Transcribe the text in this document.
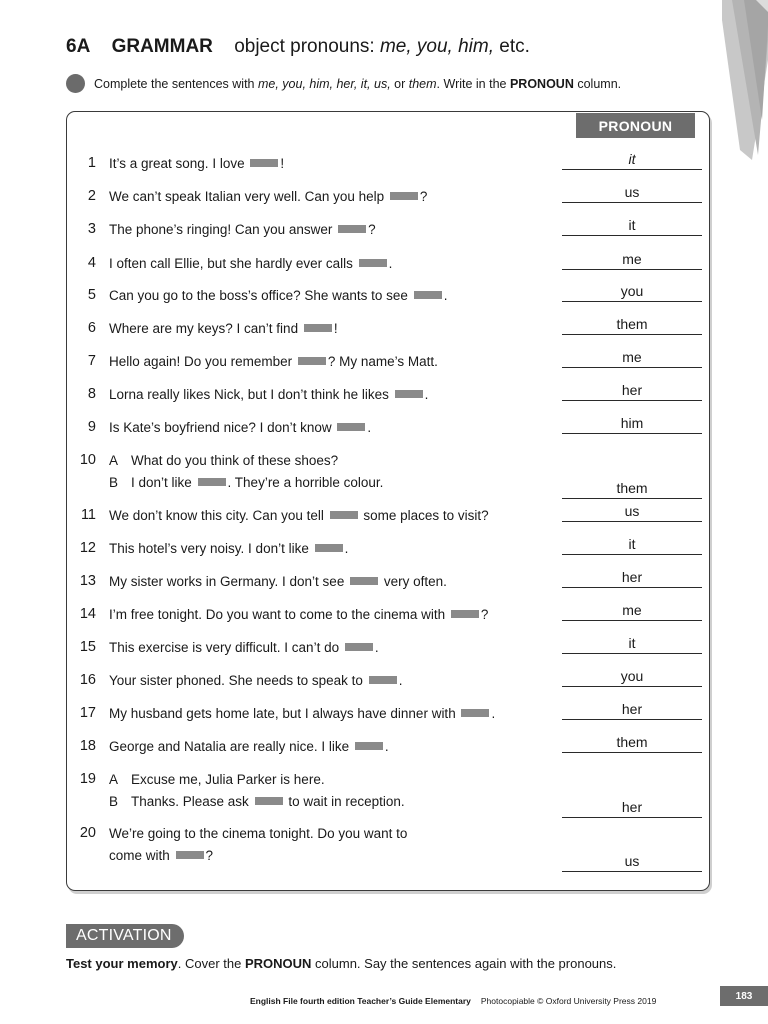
6A GRAMMAR object pronouns: me, you, him, etc.
Complete the sentences with me, you, him, her, it, us, or them. Write in the PRONOUN column.
PRONOUN
1 It’s a great song. I love !	it
2 We can’t speak Italian very well. Can you help ?	us
3 The phone’s ringing! Can you answer ?	it
4 I often call Ellie, but she hardly ever calls .	me
5 Can you go to the boss’s office? She wants to see .	you
6 Where are my keys? I can’t find !	them
7 Hello again! Do you remember ? My name’s Matt.	me
8 Lorna really likes Nick, but I don’t think he likes .	her
9 Is Kate’s boyfriend nice? I don’t know .	him
10 A What do you think of these shoes?
B I don’t like . They’re a horrible colour.	them
11 We don’t know this city. Can you tell  some places to visit?	us
12 This hotel’s very noisy. I don’t like .	it
13 My sister works in Germany. I don’t see  very often.	her
14 I’m free tonight. Do you want to come to the cinema with ?	me
15 This exercise is very difficult. I can’t do .	it
16 Your sister phoned. She needs to speak to .	you
17 My husband gets home late, but I always have dinner with .	her
18 George and Natalia are really nice. I like .	them
19 A Excuse me, Julia Parker is here.
B Thanks. Please ask  to wait in reception.	her
20 We’re going to the cinema tonight. Do you want to
come with ?	us
ACTIVATION
Test your memory. Cover the PRONOUN column. Say the sentences again with the pronouns.
English File fourth edition Teacher’s Guide Elementary Photocopiable © Oxford University Press 2019	183
